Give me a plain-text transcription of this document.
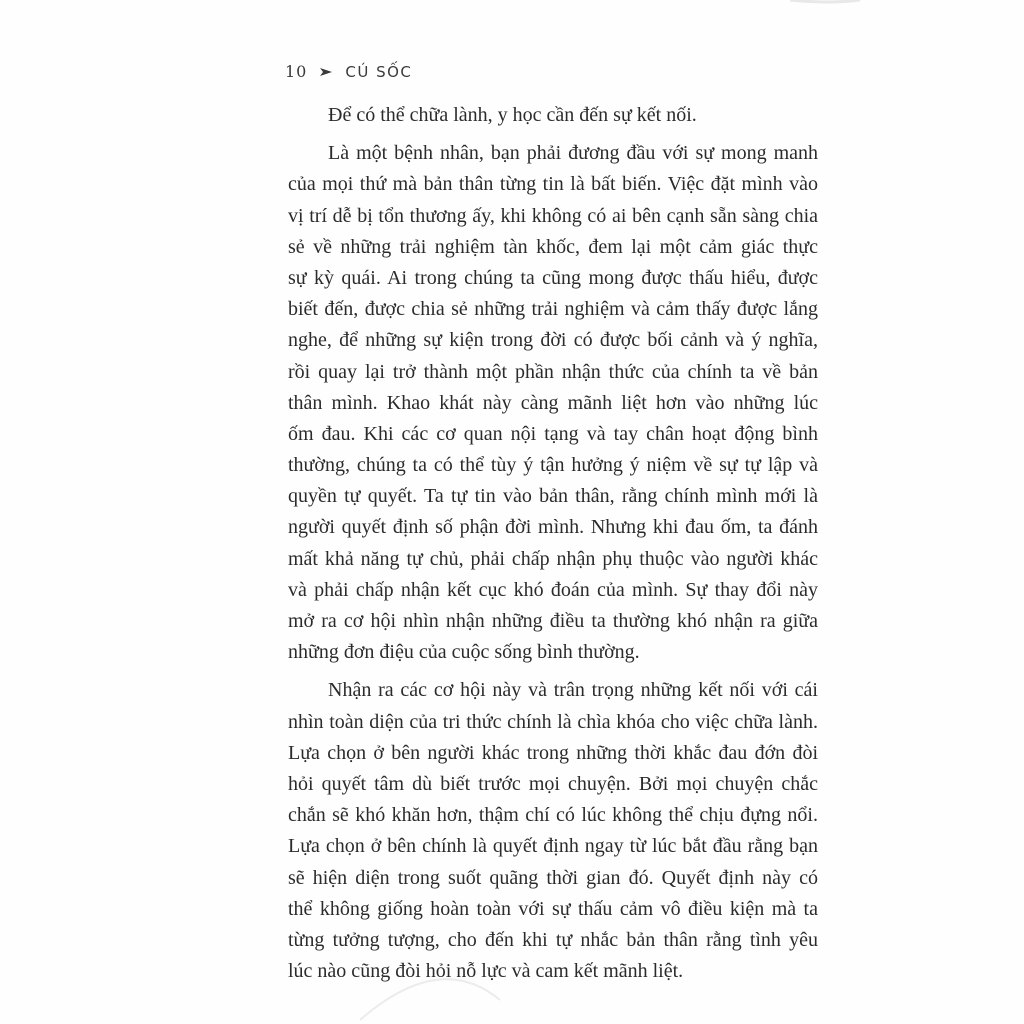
10	CÚ SỐC
Để có thể chữa lành, y học cần đến sự kết nối.
Là một bệnh nhân, bạn phải đương đầu với sự mong manh
của mọi thứ mà bản thân từng tin là bất biến. Việc đặt mình vào
vị trí dễ bị tổn thương ấy, khi không có ai bên cạnh sẵn sàng chia
sẻ về những trải nghiệm tàn khốc, đem lại một cảm giác thực
sự kỳ quái. Ai trong chúng ta cũng mong được thấu hiểu, được
biết đến, được chia sẻ những trải nghiệm và cảm thấy được lắng
nghe, để những sự kiện trong đời có được bối cảnh và ý nghĩa,
rồi quay lại trở thành một phần nhận thức của chính ta về bản
thân mình. Khao khát này càng mãnh liệt hơn vào những lúc
ốm đau. Khi các cơ quan nội tạng và tay chân hoạt động bình
thường, chúng ta có thể tùy ý tận hưởng ý niệm về sự tự lập và
quyền tự quyết. Ta tự tin vào bản thân, rằng chính mình mới là
người quyết định số phận đời mình. Nhưng khi đau ốm, ta đánh
mất khả năng tự chủ, phải chấp nhận phụ thuộc vào người khác
và phải chấp nhận kết cục khó đoán của mình. Sự thay đổi này
mở ra cơ hội nhìn nhận những điều ta thường khó nhận ra giữa
những đơn điệu của cuộc sống bình thường.
Nhận ra các cơ hội này và trân trọng những kết nối với cái
nhìn toàn diện của tri thức chính là chìa khóa cho việc chữa lành.
Lựa chọn ở bên người khác trong những thời khắc đau đớn đòi
hỏi quyết tâm dù biết trước mọi chuyện. Bởi mọi chuyện chắc
chắn sẽ khó khăn hơn, thậm chí có lúc không thể chịu đựng nổi.
Lựa chọn ở bên chính là quyết định ngay từ lúc bắt đầu rằng bạn
sẽ hiện diện trong suốt quãng thời gian đó. Quyết định này có
thể không giống hoàn toàn với sự thấu cảm vô điều kiện mà ta
từng tưởng tượng, cho đến khi tự nhắc bản thân rằng tình yêu
lúc nào cũng đòi hỏi nỗ lực và cam kết mãnh liệt.
